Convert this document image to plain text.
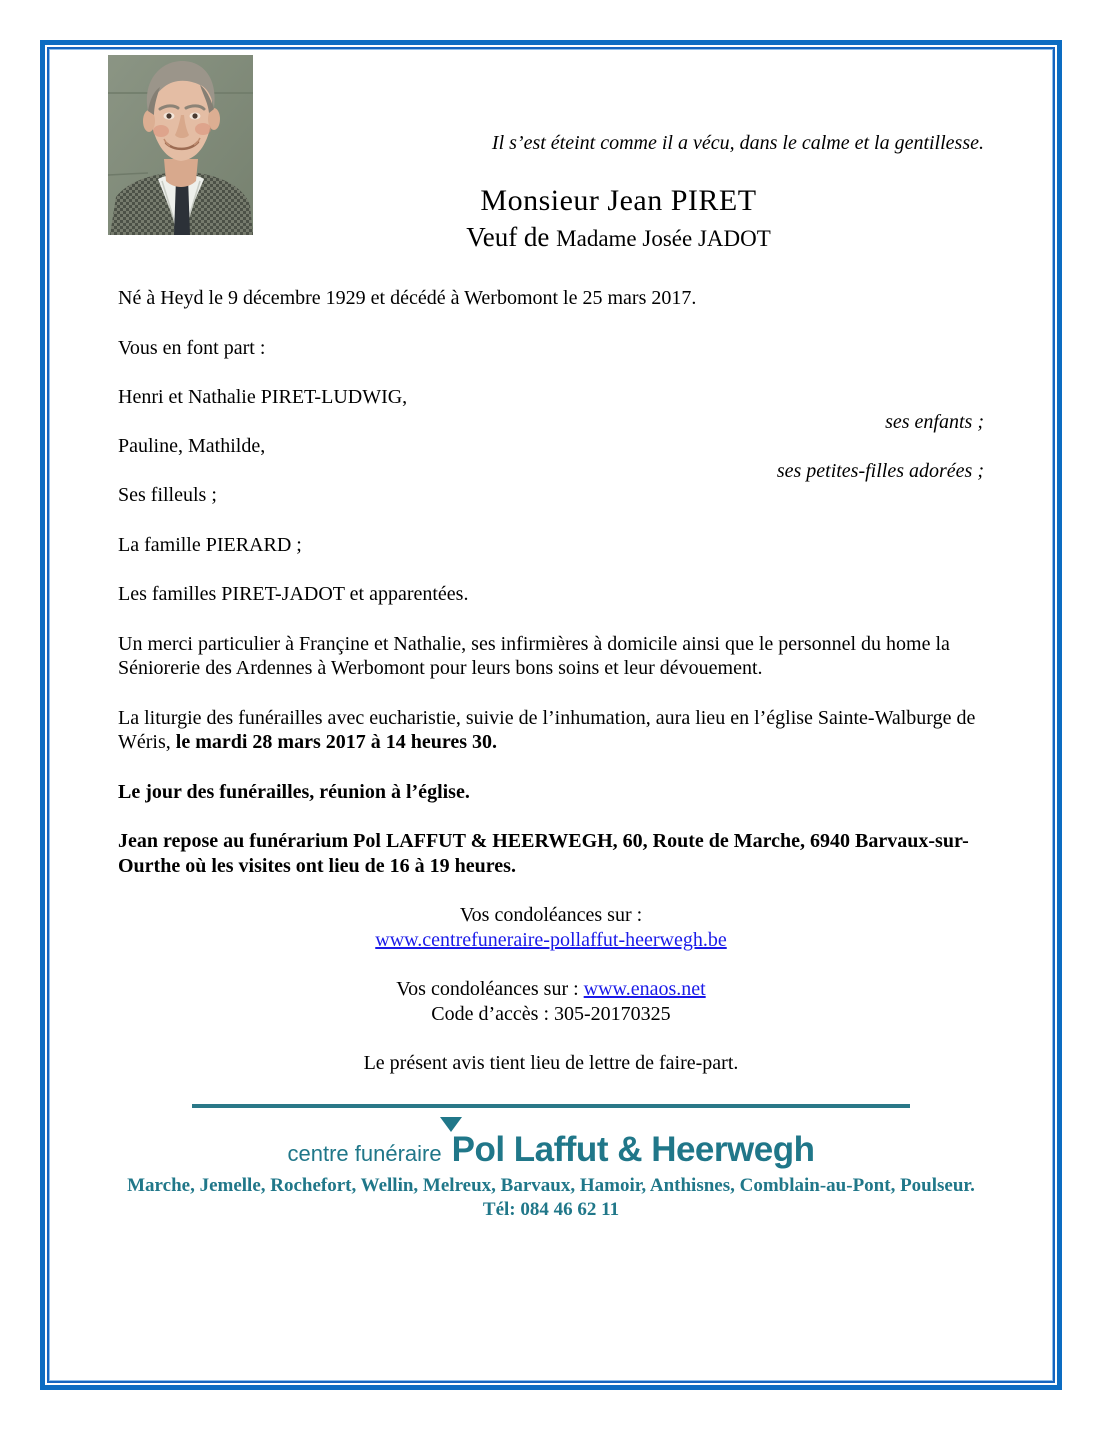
Il s’est éteint comme il a vécu, dans le calme et la gentillesse.

Monsieur Jean PIRET

Veuf de Madame Josée JADOT

Né à Heyd le 9 décembre 1929 et décédé à Werbomont le 25 mars 2017.

Vous en font part :

Henri et Nathalie PIRET-LUDWIG,

ses enfants ;

Pauline, Mathilde,

ses petites-filles adorées ;

Ses filleuls ;

La famille PIERARD ;

Les familles PIRET-JADOT et apparentées.

Un merci particulier à Françine et Nathalie, ses infirmières à domicile ainsi que le personnel du home la Séniorerie des Ardennes à Werbomont pour leurs bons soins et leur dévouement.

La liturgie des funérailles avec eucharistie, suivie de l’inhumation, aura lieu en l’église Sainte-Walburge de Wéris, le mardi 28 mars 2017 à 14 heures 30.

Le jour des funérailles, réunion à l’église.

Jean repose au funérarium Pol LAFFUT & HEERWEGH, 60, Route de Marche, 6940 Barvaux-sur-Ourthe où les visites ont lieu de 16 à 19 heures.

Vos condoléances sur :

www.centrefuneraire-pollaffut-heerwegh.be

Vos condoléances sur : www.enaos.net

Code d’accès : 305-20170325

Le présent avis tient lieu de lettre de faire-part.

centre funéraire Pol Laffut & Heerwegh

Marche, Jemelle, Rochefort, Wellin, Melreux, Barvaux, Hamoir, Anthisnes, Comblain-au-Pont, Poulseur.

Tél: 084 46 62 11
